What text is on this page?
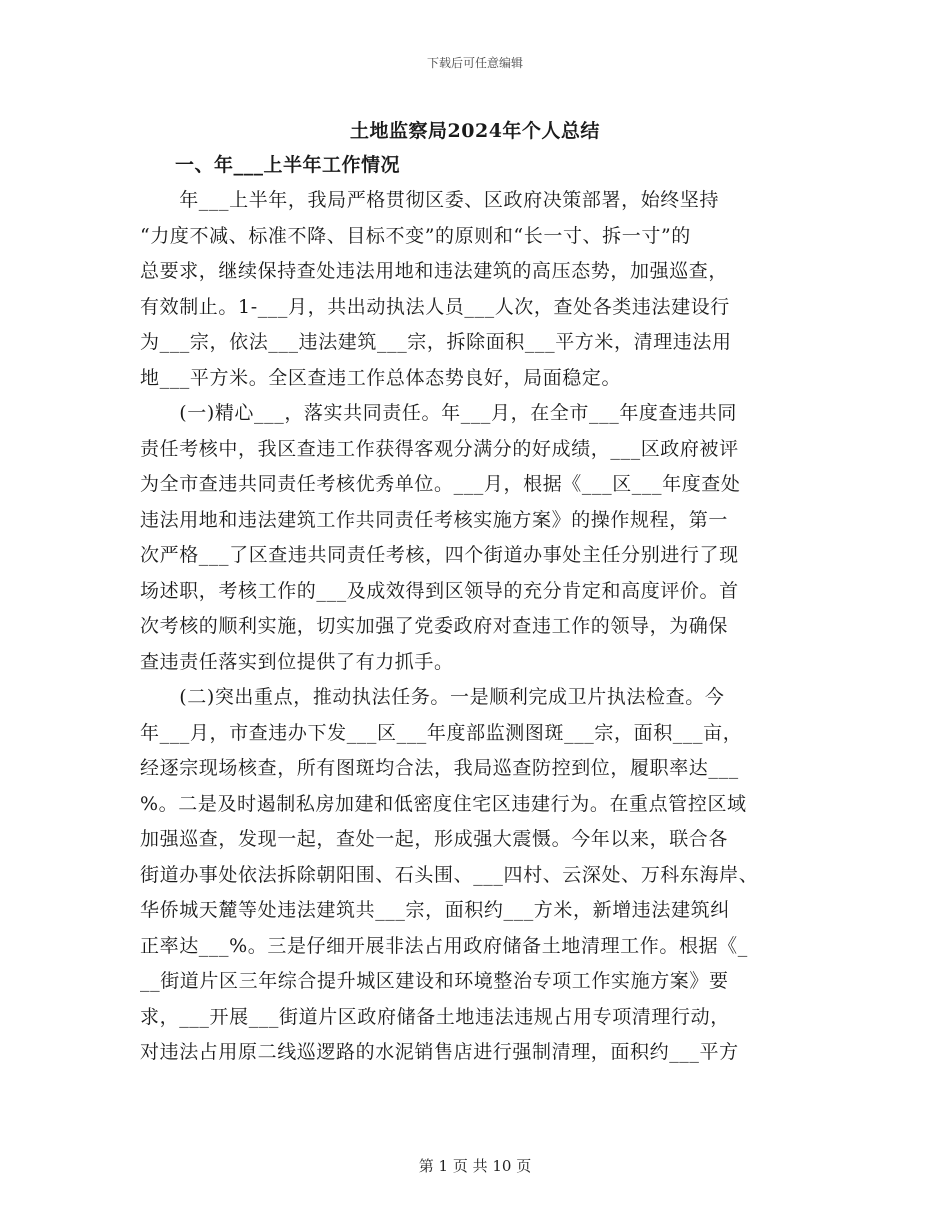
下载后可任意编辑
土地监察局2024年个人总结
一、年___上半年工作情况
　　年___上半年，我局严格贯彻区委、区政府决策部署，始终坚持
“力度不减、标准不降、目标不变”的原则和“长一寸、拆一寸”的
总要求，继续保持查处违法用地和违法建筑的高压态势，加强巡查，
有效制止。1-___月，共出动执法人员___人次，查处各类违法建设行
为___宗，依法___违法建筑___宗，拆除面积___平方米，清理违法用
地___平方米。全区查违工作总体态势良好，局面稳定。
　　(一)精心___，落实共同责任。年___月，在全市___年度查违共同
责任考核中，我区查违工作获得客观分满分的好成绩，___区政府被评
为全市查违共同责任考核优秀单位。___月，根据《___区___年度查处
违法用地和违法建筑工作共同责任考核实施方案》的操作规程，第一
次严格___了区查违共同责任考核，四个街道办事处主任分别进行了现
场述职，考核工作的___及成效得到区领导的充分肯定和高度评价。首
次考核的顺利实施，切实加强了党委政府对查违工作的领导，为确保
查违责任落实到位提供了有力抓手。
　　(二)突出重点，推动执法任务。一是顺利完成卫片执法检查。今
年___月，市查违办下发___区___年度部监测图斑___宗，面积___亩，
经逐宗现场核查，所有图斑均合法，我局巡查防控到位，履职率达___
%。二是及时遏制私房加建和低密度住宅区违建行为。在重点管控区域
加强巡查，发现一起，查处一起，形成强大震慑。今年以来，联合各
街道办事处依法拆除朝阳围、石头围、___四村、云深处、万科东海岸、
华侨城天麓等处违法建筑共___宗，面积约___方米，新增违法建筑纠
正率达___%。三是仔细开展非法占用政府储备土地清理工作。根据《_
__街道片区三年综合提升城区建设和环境整治专项工作实施方案》要
求，___开展___街道片区政府储备土地违法违规占用专项清理行动，
对违法占用原二线巡逻路的水泥销售店进行强制清理，面积约___平方
第 1 页 共 10 页
